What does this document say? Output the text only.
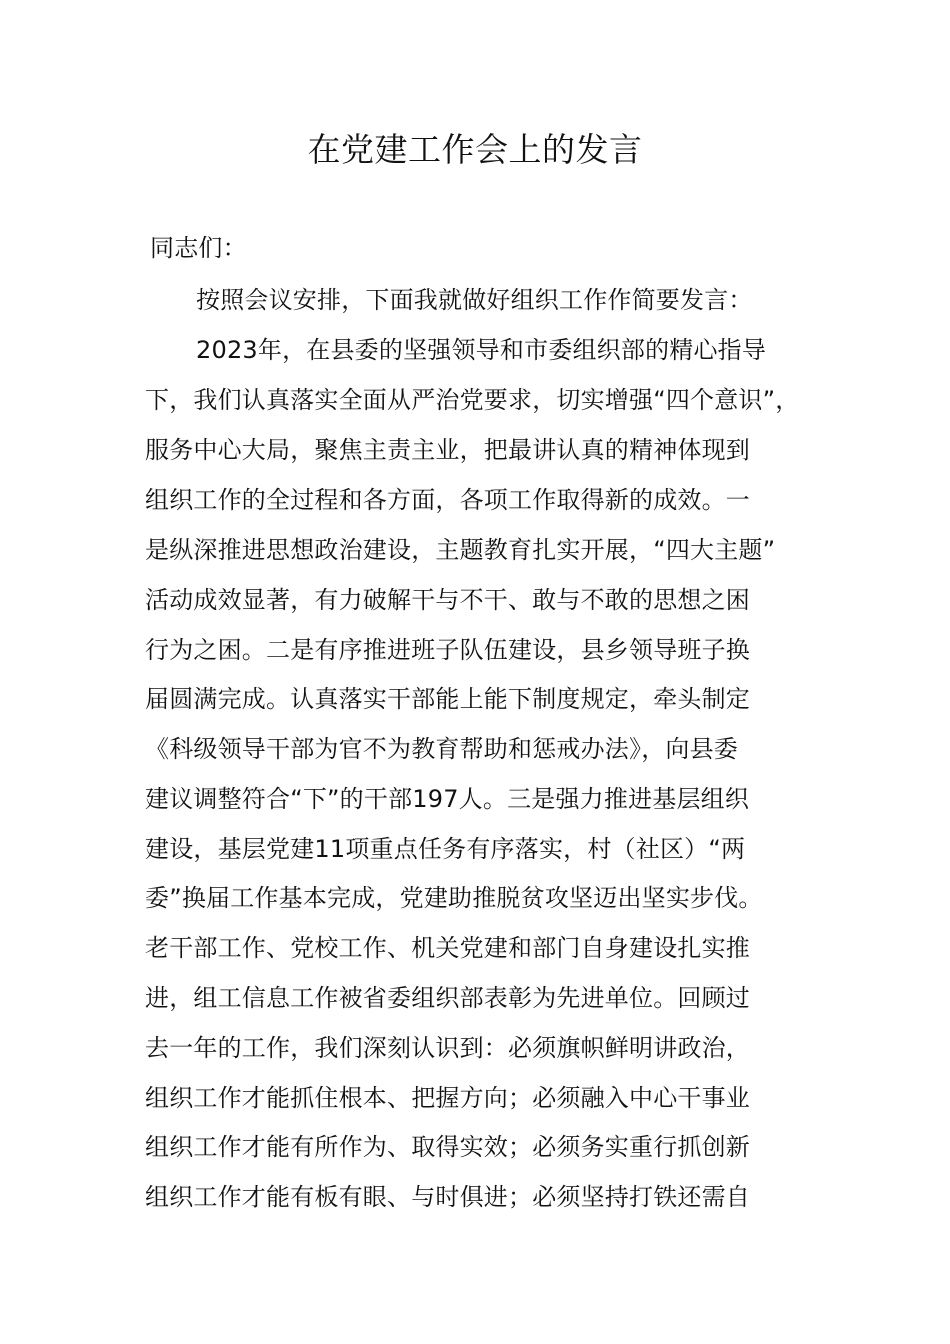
在党建工作会上的发言
同志们：
按照会议安排，下面我就做好组织工作作简要发言：
2023年，在县委的坚强领导和市委组织部的精心指导
下，我们认真落实全面从严治党要求，切实增强“四个意识”，
服务中心大局，聚焦主责主业，把最讲认真的精神体现到
组织工作的全过程和各方面，各项工作取得新的成效。一
是纵深推进思想政治建设，主题教育扎实开展，“四大主题”
活动成效显著，有力破解干与不干、敢与不敢的思想之困
行为之困。二是有序推进班子队伍建设，县乡领导班子换
届圆满完成。认真落实干部能上能下制度规定，牵头制定
《科级领导干部为官不为教育帮助和惩戒办法》，向县委
建议调整符合“下”的干部197人。三是强力推进基层组织
建设，基层党建11项重点任务有序落实，村（社区）“两
委”换届工作基本完成，党建助推脱贫攻坚迈出坚实步伐。
老干部工作、党校工作、机关党建和部门自身建设扎实推
进，组工信息工作被省委组织部表彰为先进单位。回顾过
去一年的工作，我们深刻认识到：必须旗帜鲜明讲政治，
组织工作才能抓住根本、把握方向；必须融入中心干事业
组织工作才能有所作为、取得实效；必须务实重行抓创新
组织工作才能有板有眼、与时俱进；必须坚持打铁还需自
